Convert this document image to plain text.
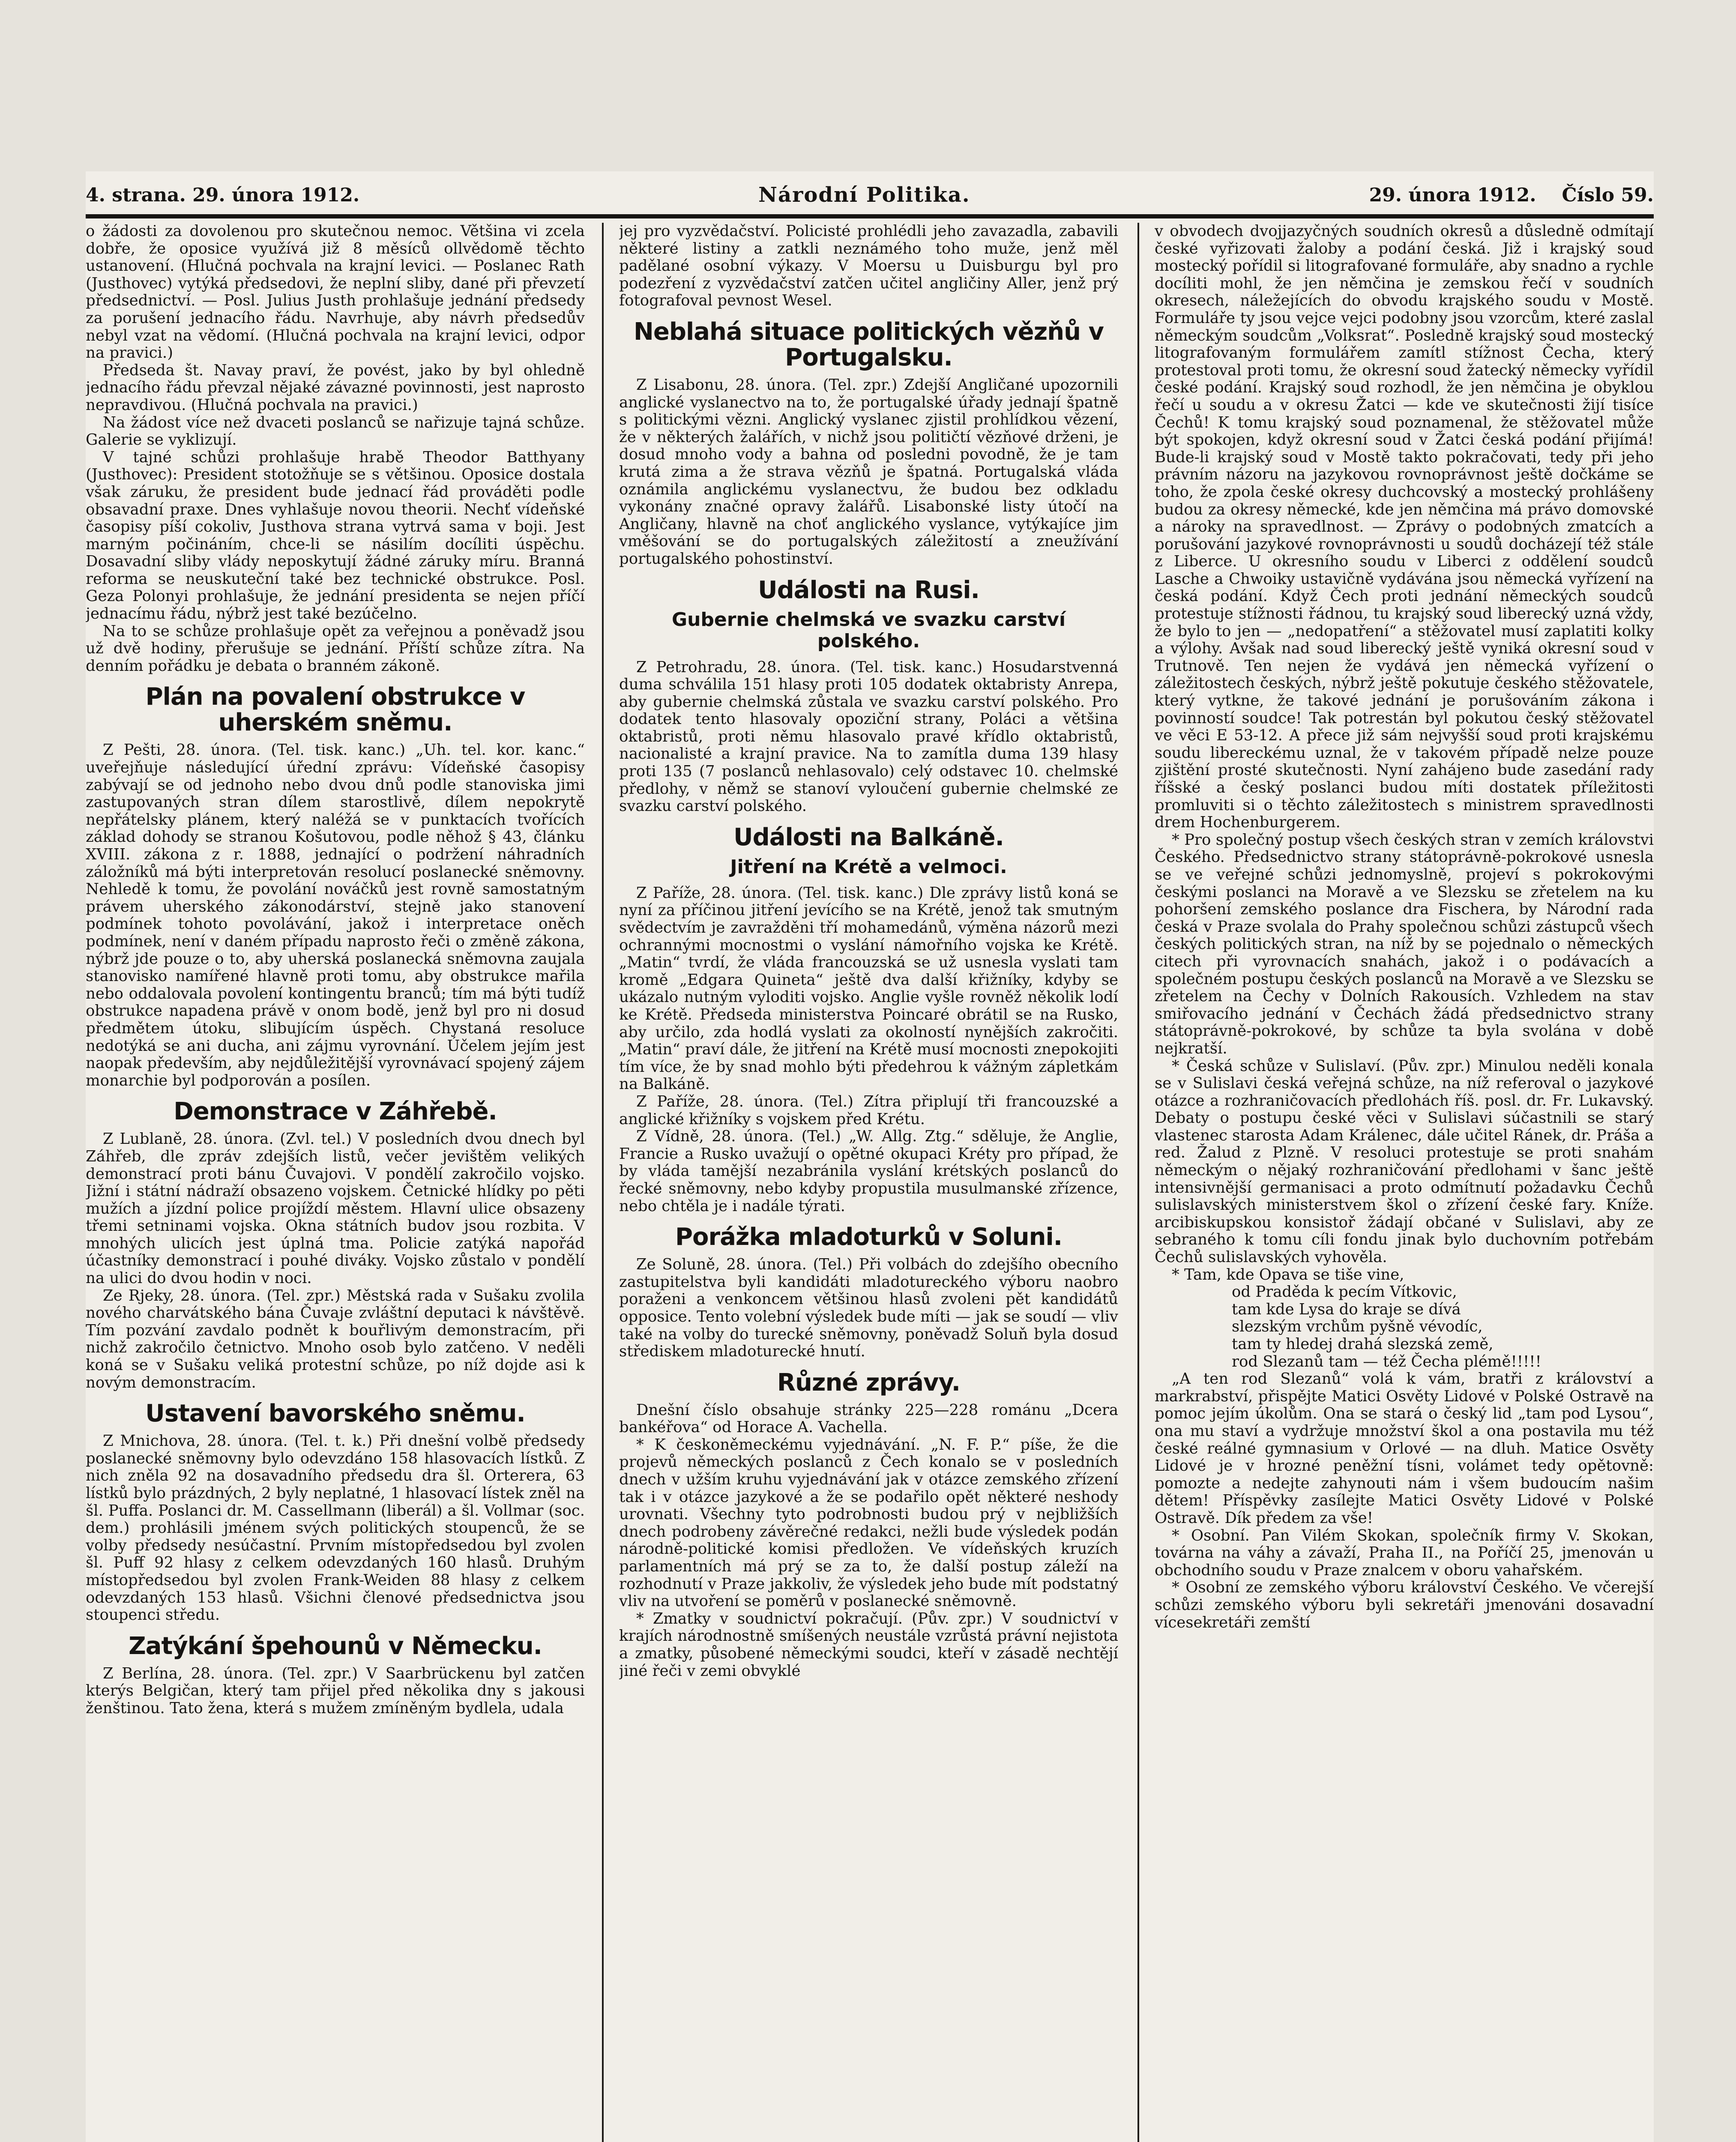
4. strana. 29. února 1912.	Národní Politika.	29. února 1912. Číslo 59.

o žádosti za dovolenou pro skutečnou nemoc. Většina vi zcela dobře, že oposice využívá již 8 měsíců ollvědomě těchto ustanovení. (Hlučná pochvala na krajní levici. — Poslanec Rath (Justhovec) vytýká předsedovi, že neplní sliby, dané při převzetí předsednictví. — Posl. Julius Justh prohlašuje jednání předsedy za porušení jednacího řádu. Navrhuje, aby návrh předsedův nebyl vzat na vědomí. (Hlučná pochvala na krajní levici, odpor na pravici.)

Předseda št. Navay praví, že povést, jako by byl ohledně jednacího řádu převzal nějaké závazné povinnosti, jest naprosto nepravdivou. (Hlučná pochvala na pravici.)

Na žádost více než dvaceti poslanců se nařizuje tajná schůze. Galerie se vyklizují.

V tajné schůzi prohlašuje hrabě Theodor Batthyany (Justhovec): President stotožňuje se s většinou. Oposice dostala však záruku, že president bude jednací řád prováděti podle obsavadní praxe. Dnes vyhlašuje novou theorii. Nechť vídeňské časopisy píší cokoliv, Justhova strana vytrvá sama v boji. Jest marným počináním, chce-li se násilím docíliti úspěchu. Dosavadní sliby vlády neposkytují žádné záruky míru. Branná reforma se neuskuteční také bez technické obstrukce. Posl. Geza Polonyi prohlašuje, že jednání presidenta se nejen příčí jednacímu řádu, nýbrž jest také bezúčelno.

Na to se schůze prohlašuje opět za veřejnou a poněvadž jsou už dvě hodiny, přerušuje se jednání. Příští schůze zítra. Na denním pořádku je debata o branném zákoně.

Plán na povalení obstrukce v uherském sněmu.

Z Pešti, 28. února. (Tel. tisk. kanc.) „Uh. tel. kor. kanc.“ uveřejňuje následující úřední zprávu: Vídeňské časopisy zabývají se od jednoho nebo dvou dnů podle stanoviska jimi zastupovaných stran dílem starostlivě, dílem nepokrytě nepřátelsky plánem, který naléžá se v punktacích tvořících základ dohody se stranou Košutovou, podle něhož § 43, článku XVIII. zákona z r. 1888, jednající o podržení náhradních záložníků má býti interpretován resolucí poslanecké sněmovny. Nehledě k tomu, že povolání nováčků jest rovně samostatným právem uherského zákonodárství, stejně jako stanovení podmínek tohoto povolávání, jakož i interpretace oněch podmínek, není v daném případu naprosto řeči o změně zákona, nýbrž jde pouze o to, aby uherská poslanecká sněmovna zaujala stanovisko namířené hlavně proti tomu, aby obstrukce mařila nebo oddalovala povolení kontingentu branců; tím má býti tudíž obstrukce napadena právě v onom bodě, jenž byl pro ni dosud předmětem útoku, slibujícím úspěch. Chystaná resoluce nedotýká se ani ducha, ani zájmu vyrovnání. Účelem jejím jest naopak především, aby nejdůležitější vyrovnávací spojený zájem monarchie byl podporován a posílen.

Demonstrace v Záhřebě.

Z Lublaně, 28. února. (Zvl. tel.) V posledních dvou dnech byl Záhřeb, dle zpráv zdejších listů, večer jevištěm velikých demonstrací proti bánu Čuvajovi. V pondělí zakročilo vojsko. Jižní i státní nádraží obsazeno vojskem. Četnické hlídky po pěti mužích a jízdní police projíždí městem. Hlavní ulice obsazeny třemi setninami vojska. Okna státních budov jsou rozbita. V mnohých ulicích jest úplná tma. Policie zatýká napořád účastníky demonstrací i pouhé diváky. Vojsko zůstalo v pondělí na ulici do dvou hodin v noci.

Ze Rjeky, 28. února. (Tel. zpr.) Městská rada v Sušaku zvolila nového charvátského bána Čuvaje zvláštní deputaci k návštěvě. Tím pozvání zavdalo podnět k bouřlivým demonstracím, při nichž zakročilo četnictvo. Mnoho osob bylo zatčeno. V neděli koná se v Sušaku veliká protestní schůze, po níž dojde asi k novým demonstracím.

Ustavení bavorského sněmu.

Z Mnichova, 28. února. (Tel. t. k.) Při dnešní volbě předsedy poslanecké sněmovny bylo odevzdáno 158 hlasovacích lístků. Z nich zněla 92 na dosavadního předsedu dra šl. Orterera, 63 lístků bylo prázdných, 2 byly neplatné, 1 hlasovací lístek zněl na šl. Puffa. Poslanci dr. M. Cassellmann (liberál) a šl. Vollmar (soc. dem.) prohlásili jménem svých politických stoupenců, že se volby předsedy nesúčastní. Prvním místopředsedou byl zvolen šl. Puff 92 hlasy z celkem odevzdaných 160 hlasů. Druhým místopředsedou byl zvolen Frank-Weiden 88 hlasy z celkem odevzdaných 153 hlasů. Všichni členové předsednictva jsou stoupenci středu.

Zatýkání špehounů v Německu.

Z Berlína, 28. února. (Tel. zpr.) V Saarbrückenu byl zatčen kterýs Belgičan, který tam přijel před několika dny s jakousi ženštinou. Tato žena, která s mužem zmíněným bydlela, udala

jej pro vyzvědačství. Policisté prohlédli jeho zavazadla, zabavili některé listiny a zatkli neznámého toho muže, jenž měl padělané osobní výkazy. V Moersu u Duisburgu byl pro podezření z vyzvědačství zatčen učitel angličiny Aller, jenž prý fotografoval pevnost Wesel.

Neblahá situace politických vězňů v Portugalsku.

Z Lisabonu, 28. února. (Tel. zpr.) Zdejší Angličané upozornili anglické vyslanectvo na to, že portugalské úřady jednají špatně s politickými vězni. Anglický vyslanec zjistil prohlídkou vězení, že v některých žalářích, v nichž jsou političtí vězňové drženi, je dosud mnoho vody a bahna od posledni povodně, že je tam krutá zima a že strava vězňů je špatná. Portugalská vláda oznámila anglickému vyslanectvu, že budou bez odkladu vykonány značné opravy žalářů. Lisabonské listy útočí na Angličany, hlavně na choť anglického vyslance, vytýkajíce jim vměšování se do portugalských záležitostí a zneužívání portugalského pohostinství.

Události na Rusi.
Gubernie chelmská ve svazku carství polského.

Z Petrohradu, 28. února. (Tel. tisk. kanc.) Hosudarstvenná duma schválila 151 hlasy proti 105 dodatek oktabristy Anrepa, aby gubernie chelmská zůstala ve svazku carství polského. Pro dodatek tento hlasovaly opoziční strany, Poláci a většina oktabristů, proti němu hlasovalo pravé křídlo oktabristů, nacionalisté a krajní pravice. Na to zamítla duma 139 hlasy proti 135 (7 poslanců nehlasovalo) celý odstavec 10. chelmské předlohy, v němž se stanoví vyloučení gubernie chelmské ze svazku carství polského.

Události na Balkáně.
Jitření na Krétě a velmoci.

Z Paříže, 28. února. (Tel. tisk. kanc.) Dle zprávy listů koná se nyní za příčinou jitření jevícího se na Krétě, jenož tak smutným svědectvím je zavražděni tří mohamedánů, výměna názorů mezi ochrannými mocnostmi o vyslání námořního vojska ke Krétě. „Matin“ tvrdí, že vláda francouzská se už usnesla vyslati tam kromě „Edgara Quineta“ ještě dva další křižníky, kdyby se ukázalo nutným vyloditi vojsko. Anglie vyšle rovněž několik lodí ke Krétě. Předseda ministerstva Poincaré obrátil se na Rusko, aby určilo, zda hodlá vyslati za okolností nynějších zakročiti. „Matin“ praví dále, že jitření na Krétě musí mocnosti znepokojiti tím více, že by snad mohlo býti předehrou k vážným zápletkám na Balkáně.

Z Paříže, 28. února. (Tel.) Zítra připlují tři francouzské a anglické křižníky s vojskem před Krétu.

Z Vídně, 28. února. (Tel.) „W. Allg. Ztg.“ sděluje, že Anglie, Francie a Rusko uvažují o opětné okupaci Kréty pro případ, že by vláda tamější nezabránila vyslání krétských poslanců do řecké sněmovny, nebo kdyby propustila musulmanské zřízence, nebo chtěla je i nadále týrati.

Porážka mladoturků v Soluni.

Ze Soluně, 28. února. (Tel.) Při volbách do zdejšího obecního zastupitelstva byli kandidáti mladotureckého výboru naobro poraženi a venkoncem většinou hlasů zvoleni pět kandidátů opposice. Tento volební výsledek bude míti — jak se soudí — vliv také na volby do turecké sněmovny, poněvadž Soluň byla dosud střediskem mladoturecké hnutí.

Různé zprávy.

Dnešní číslo obsahuje stránky 225—228 románu „Dcera bankéřova“ od Horace A. Vachella.

* K českoněmeckému vyjednávání. „N. F. P.“ píše, že die projevů německých poslanců z Čech konalo se v posledních dnech v užším kruhu vyjednávání jak v otázce zemského zřízení tak i v otázce jazykové a že se podařilo opět některé neshody urovnati. Všechny tyto podrobnosti budou prý v nejbližších dnech podrobeny závěrečné redakci, nežli bude výsledek podán národně-politické komisi předložen. Ve vídeňských kruzích parlamentních má prý se za to, že další postup záleží na rozhodnutí v Praze jakkoliv, že výsledek jeho bude mít podstatný vliv na utvoření se poměrů v poslanecké sněmovně.

* Zmatky v soudnictví pokračují. (Pův. zpr.) V soudnictví v krajích národnostně smíšených neustále vzrůstá právní nejistota a zmatky, působené německými soudci, kteří v zásadě nechtějí jiné řeči v zemi obvyklé

v obvodech dvojjazyčných soudních okresů a důsledně odmítají české vyřizovati žaloby a podání česká. Již i krajský soud mostecký pořídil si litografované formuláře, aby snadno a rychle docíliti mohl, že jen němčina je zemskou řečí v soudních okresech, náležejících do obvodu krajského soudu v Mostě. Formuláře ty jsou vejce vejci podobny jsou vzorcům, které zaslal německým soudcům „Volksrat“. Posledně krajský soud mostecký litografovaným formulářem zamítl stížnost Čecha, který protestoval proti tomu, že okresní soud žatecký německy vyřídil české podání. Krajský soud rozhodl, že jen němčina je obyklou řečí u soudu a v okresu Žatci — kde ve skutečnosti žijí tisíce Čechů! K tomu krajský soud poznamenal, že stěžovatel může být spokojen, když okresní soud v Žatci česká podání přijímá! Bude-li krajský soud v Mostě takto pokračovati, tedy při jeho právním názoru na jazykovou rovnoprávnost ještě dočkáme se toho, že zpola české okresy duchcovský a mostecký prohlášeny budou za okresy německé, kde jen němčina má právo domovské a nároky na spravedlnost. — Zprávy o podobných zmatcích a porušování jazykové rovnoprávnosti u soudů docházejí též stále z Liberce. U okresního soudu v Liberci z oddělení soudců Lasche a Chwoiky ustavičně vydávána jsou německá vyřízení na česká podání. Když Čech proti jednání německých soudců protestuje stížnosti řádnou, tu krajský soud liberecký uzná vždy, že bylo to jen — „nedopatření“ a stěžovatel musí zaplatiti kolky a výlohy. Avšak nad soud liberecký ještě vyniká okresní soud v Trutnově. Ten nejen že vydává jen německá vyřízení o záležitostech českých, nýbrž ještě pokutuje českého stěžovatele, který vytkne, že takové jednání je porušováním zákona i povinností soudce! Tak potrestán byl pokutou český stěžovatel ve věci E 53-12. A přece již sám nejvyšší soud proti krajskému soudu libereckému uznal, že v takovém případě nelze pouze zjištění prosté skutečnosti. Nyní zahájeno bude zasedání rady říšské a český poslanci budou míti dostatek příležitosti promluviti si o těchto záležitostech s ministrem spravedlnosti drem Hochenburgerem.

* Pro společný postup všech českých stran v zemích královstvi Českého. Předsednictvo strany státoprávně-pokrokové usnesla se ve veřejné schůzi jednomyslně, projeví s pokrokovými českými poslanci na Moravě a ve Slezsku se zřetelem na ku pohoršení zemského poslance dra Fischera, by Národní rada česká v Praze svolala do Prahy společnou schůzi zástupců všech českých politických stran, na níž by se pojednalo o německých citech při vyrovnacích snahách, jakož i o podávacích a společném postupu českých poslanců na Moravě a ve Slezsku se zřetelem na Čechy v Dolních Rakousích. Vzhledem na stav smiřovacího jednání v Čechách žádá předsednictvo strany státoprávně-pokrokové, by schůze ta byla svolána v době nejkratší.

* Česká schůze v Sulislaví. (Pův. zpr.) Minulou neděli konala se v Sulislavi česká veřejná schůze, na níž referoval o jazykové otázce a rozhraničovacích předlohách říš. posl. dr. Fr. Lukavský. Debaty o postupu české věci v Sulislavi súčastnili se starý vlastenec starosta Adam Králenec, dále učitel Ránek, dr. Práša a red. Žalud z Plzně. V resoluci protestuje se proti snahám německým o nějaký rozhraničování předlohami v šanc ještě intensivnější germanisaci a proto odmítnutí požadavku Čechů sulislavských ministerstvem škol o zřízení české fary. Kníže. arcibiskupskou konsistoř žádají občané v Sulislavi, aby ze sebraného k tomu cíli fondu jinak bylo duchovním potřebám Čechů sulislavských vyhověla.

* Tam, kde Opava se tiše vine,

od Praděda k pecím Vítkovic,

tam kde Lysa do kraje se dívá

slezským vrchům pyšně vévodíc,

tam ty hledej drahá slezská země,

rod Slezanů tam — též Čecha plémě!!!!!

„A ten rod Slezanů“ volá k vám, bratři z království a markrabství, přispějte Matici Osvěty Lidové v Polské Ostravě na pomoc jejím úkolům. Ona se stará o český lid „tam pod Lysou“, ona mu staví a vydržuje množství škol a ona postavila mu též české reálné gymnasium v Orlové — na dluh. Matice Osvěty Lidové je v hrozné peněžní tísni, volámet tedy opětovně: pomozte a nedejte zahynouti nám i všem budoucím našim dětem! Příspěvky zasílejte Matici Osvěty Lidové v Polské Ostravě. Dík předem za vše!

* Osobní. Pan Vilém Skokan, společník firmy V. Skokan, továrna na váhy a závaží, Praha II., na Poříčí 25, jmenován u obchodního soudu v Praze znalcem v oboru vahařském.

* Osobní ze zemského výboru království Českého. Ve včerejší schůzi zemského výboru byli sekretáři jmenováni dosavadní vícesekretáři zemští
